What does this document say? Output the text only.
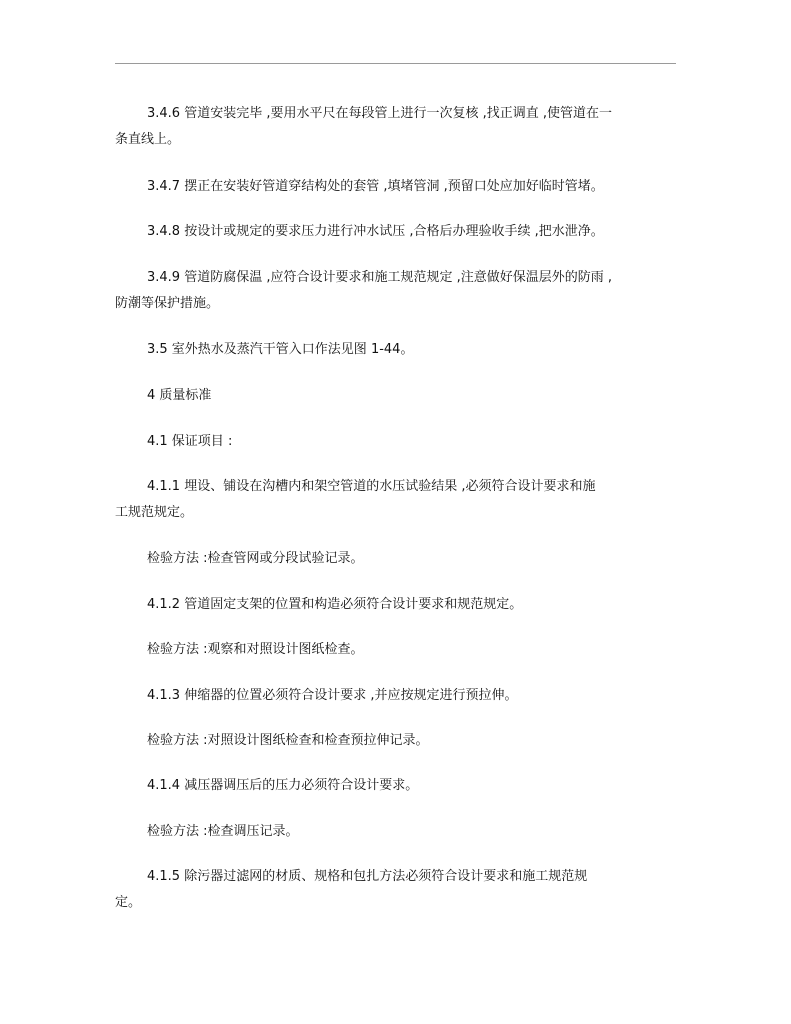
3.4.6 管道安装完毕 ,要用水平尺在每段管上进行一次复核 ,找正调直 ,使管道在一
条直线上。
3.4.7 摆正在安装好管道穿结构处的套管 ,填堵管洞 ,预留口处应加好临时管堵。
3.4.8 按设计或规定的要求压力进行冲水试压 ,合格后办理验收手续 ,把水泄净。
3.4.9 管道防腐保温 ,应符合设计要求和施工规范规定 ,注意做好保温层外的防雨 ,
防潮等保护措施。
3.5 室外热水及蒸汽干管入口作法见图 1-44。
4 质量标准
4.1 保证项目 :
4.1.1 埋设、铺设在沟槽内和架空管道的水压试验结果 ,必须符合设计要求和施
工规范规定。
检验方法 :检查管网或分段试验记录。
4.1.2 管道固定支架的位置和构造必须符合设计要求和规范规定。
检验方法 :观察和对照设计图纸检查。
4.1.3 伸缩器的位置必须符合设计要求 ,并应按规定进行预拉伸。
检验方法 :对照设计图纸检查和检查预拉伸记录。
4.1.4 减压器调压后的压力必须符合设计要求。
检验方法 :检查调压记录。
4.1.5 除污器过滤网的材质、规格和包扎方法必须符合设计要求和施工规范规
定。
